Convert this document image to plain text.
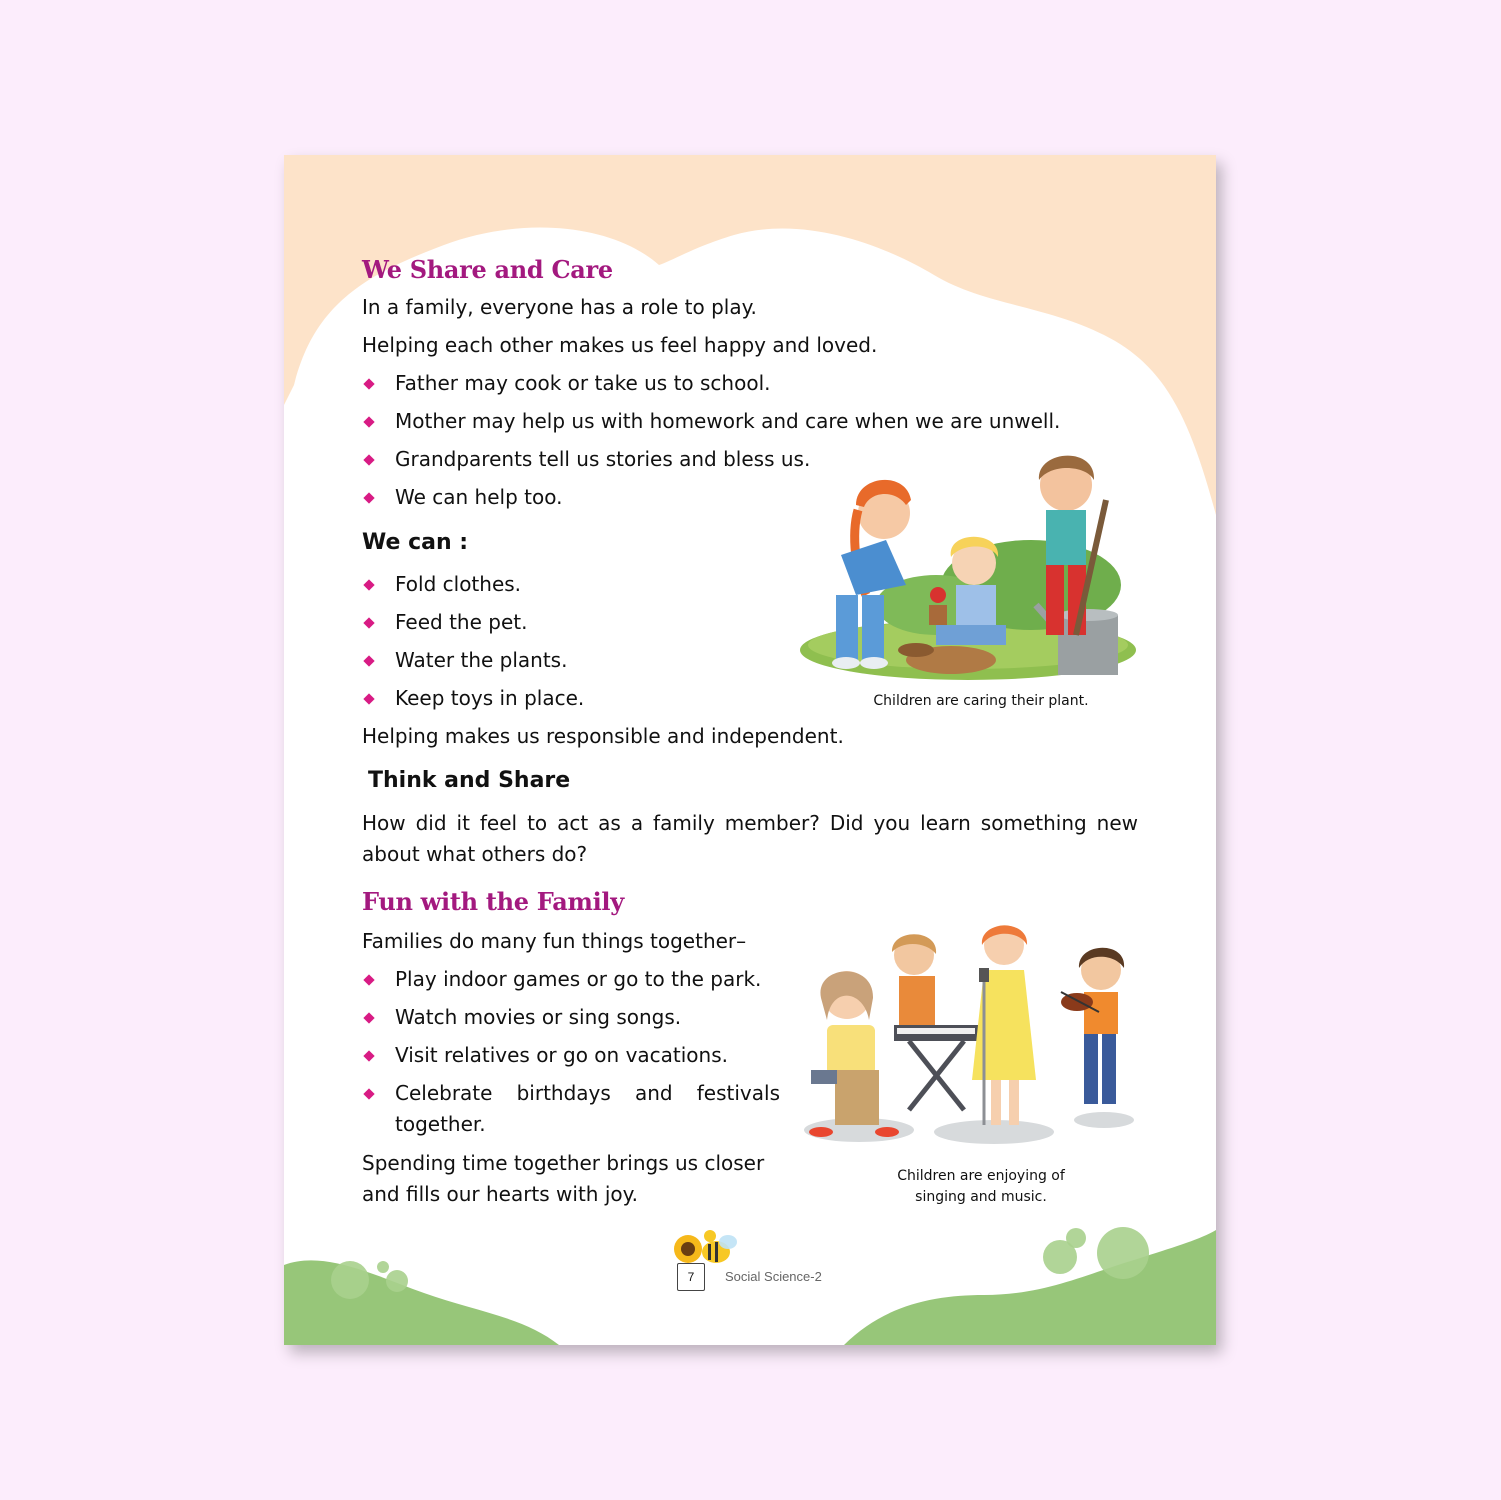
We Share and Care

In a family, everyone has a role to play.

Helping each other makes us feel happy and loved.

Father may cook or take us to school.
Mother may help us with homework and care when we are unwell.
Grandparents tell us stories and bless us.
We can help too.
We can :
Fold clothes.
Feed the pet.
Water the plants.
Keep toys in place.

Helping makes us responsible and independent.

Children are caring their plant.

Think and Share

How did it feel to act as a family member? Did you learn something new about what others do?

Fun with the Family

Families do many fun things together–

Play indoor games or go to the park.
Watch movies or sing songs.
Visit relatives or go on vacations.
Celebrate birthdays and festivals
together.

Spending time together brings us closer

and fills our hearts with joy.

Children are enjoying of
singing and music.

7	Social Science-2
